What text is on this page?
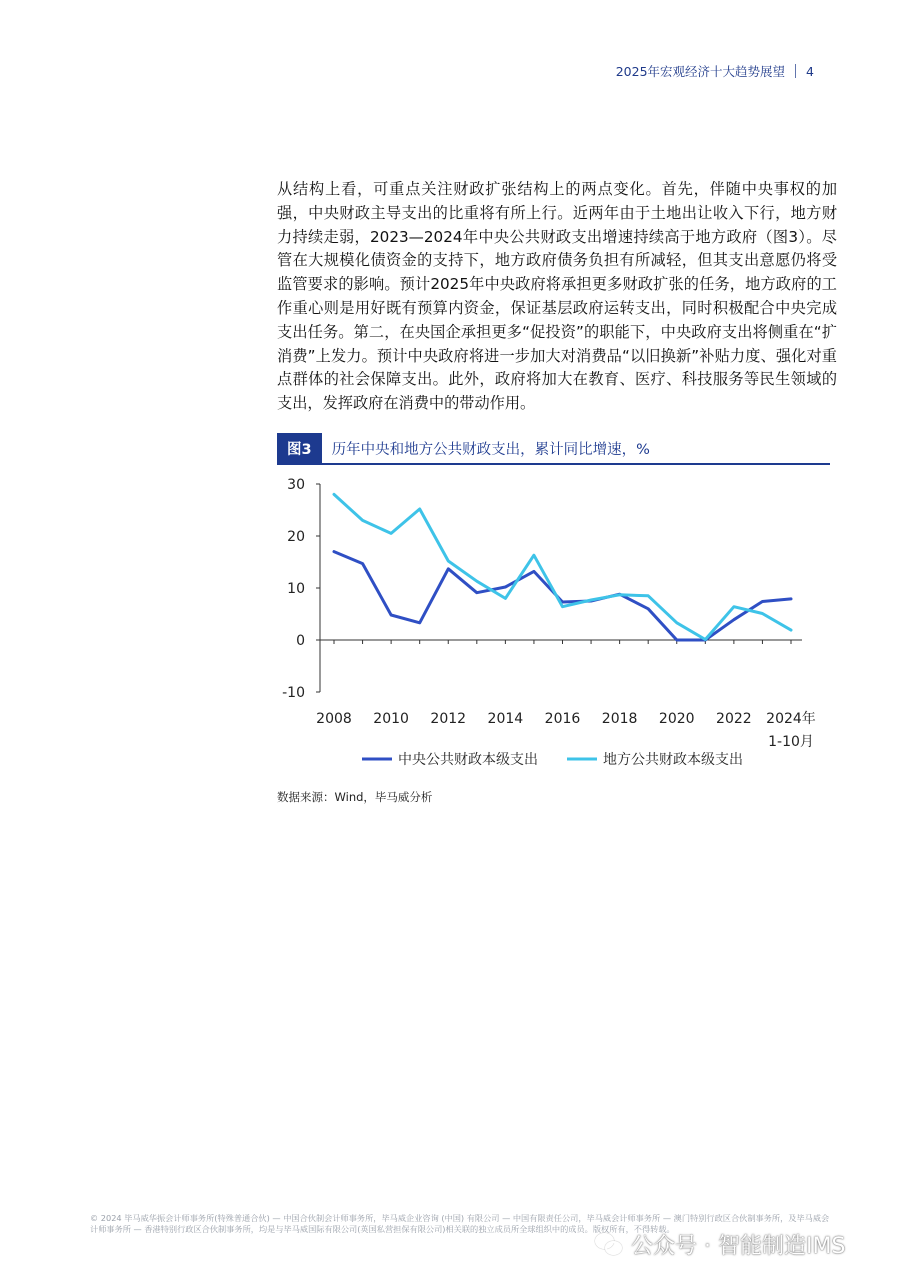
2025年宏观经济十大趋势展望 4
从结构上看，可重点关注财政扩张结构上的两点变化。首先，伴随中央事权的加强，中央财政主导支出的比重将有所上行。近两年由于土地出让收入下行，地方财力持续走弱，2023—2024年中央公共财政支出增速持续高于地方政府（图3）。尽管在大规模化债资金的支持下，地方政府债务负担有所减轻，但其支出意愿仍将受监管要求的影响。预计2025年中央政府将承担更多财政扩张的任务，地方政府的工作重心则是用好既有预算内资金，保证基层政府运转支出，同时积极配合中央完成支出任务。第二，在央国企承担更多“促投资”的职能下，中央政府支出将侧重在“扩消费”上发力。预计中央政府将进一步加大对消费品“以旧换新”补贴力度、强化对重点群体的社会保障支出。此外，政府将加大在教育、医疗、科技服务等民生领域的支出，发挥政府在消费中的带动作用。
图3	历年中央和地方公共财政支出，累计同比增速，%
30
20
10
0
-10
2008 2010 2012 2014 2016 2018 2020 2022 2024年
1-10月
中央公共财政本级支出	地方公共财政本级支出
数据来源：Wind，毕马威分析
© 2024 毕马威华振会计师事务所(特殊普通合伙) — 中国合伙制会计师事务所，毕马威企业咨询 (中国) 有限公司 — 中国有限责任公司，毕马威会计师事务所 — 澳门特别行政区合伙制事务所，及毕马威会计师事务所 — 香港特别行政区合伙制事务所，均是与毕马威国际有限公司(英国私营担保有限公司)相关联的独立成员所全球组织中的成员。版权所有，不得转载。
公众号 · 智能制造IMS
